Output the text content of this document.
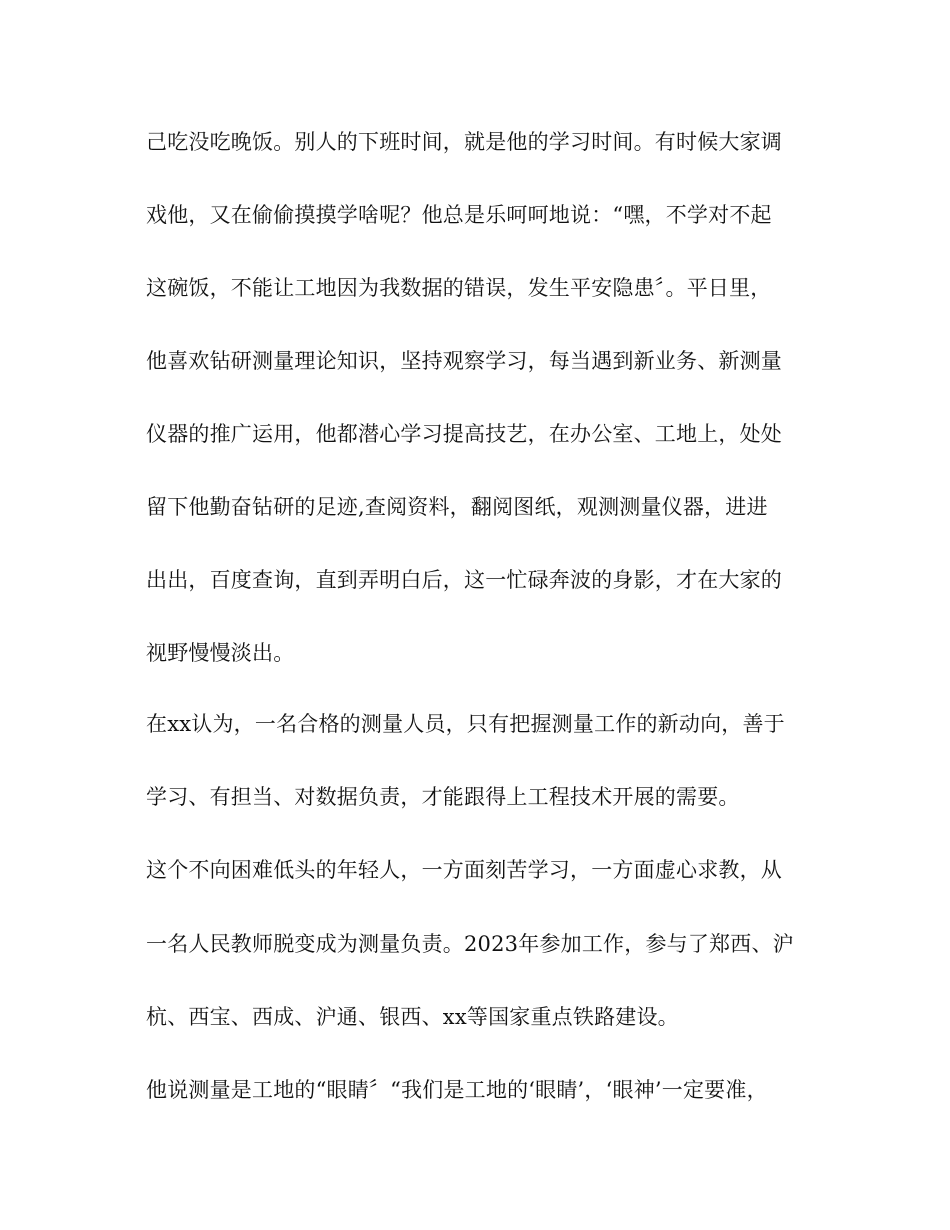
己吃没吃晚饭。别人的下班时间，就是他的学习时间。有时候大家调
戏他，又在偷偷摸摸学啥呢？他总是乐呵呵地说：“嘿，不学对不起
这碗饭，不能让工地因为我数据的错误，发生平安隐患〞。平日里，
他喜欢钻研测量理论知识，坚持观察学习，每当遇到新业务、新测量
仪器的推广运用，他都潜心学习提高技艺，在办公室、工地上，处处
留下他勤奋钻研的足迹,查阅资料，翻阅图纸，观测测量仪器，进进
出出，百度查询，直到弄明白后，这一忙碌奔波的身影，才在大家的
视野慢慢淡出。
在xx认为，一名合格的测量人员，只有把握测量工作的新动向，善于
学习、有担当、对数据负责，才能跟得上工程技术开展的需要。
这个不向困难低头的年轻人，一方面刻苦学习，一方面虚心求教，从
一名人民教师脱变成为测量负责。2023年参加工作，参与了郑西、沪
杭、西宝、西成、沪通、银西、xx等国家重点铁路建设。
他说测量是工地的“眼睛〞“我们是工地的‘眼睛’，‘眼神’一定要准，
